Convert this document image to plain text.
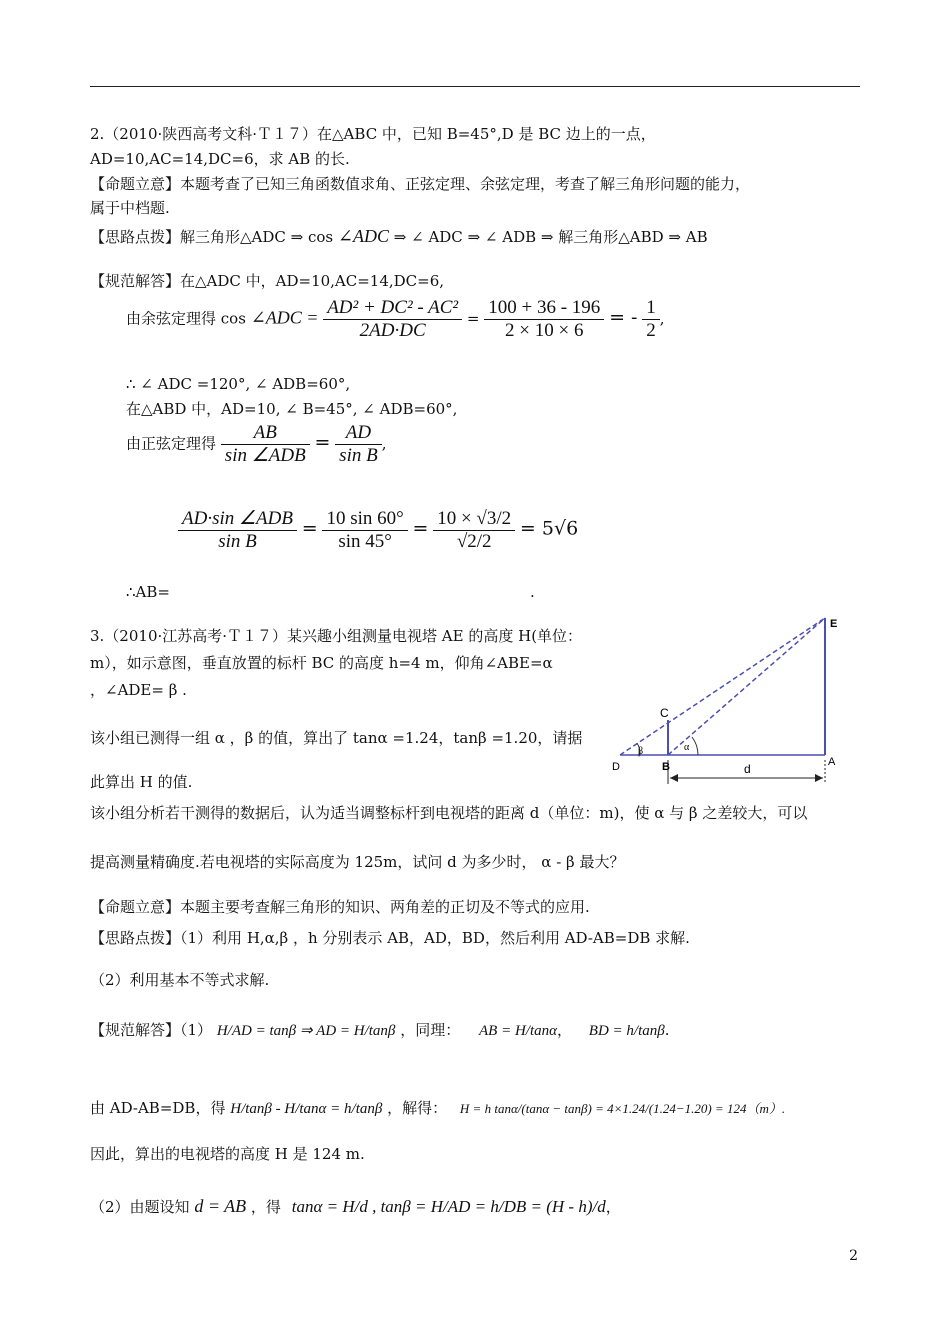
2.（2010·陕西高考文科·Ｔ１７）在△ABC 中，已知 B=45°,D 是 BC 边上的一点，
AD=10,AC=14,DC=6，求 AB 的长.
【命题立意】本题考查了已知三角函数值求角、正弦定理、余弦定理，考查了解三角形问题的能力，
属于中档题.
【思路点拨】解三角形△ADC ⇒ cos ∠ADC ⇒ ∠ ADC ⇒ ∠ ADB ⇒ 解三角形△ABD ⇒ AB
【规范解答】在△ADC 中，AD=10,AC=14,DC=6,
由余弦定理得 cos ∠ADC = $\frac{\text{AD² + DC² - AC²}}{2AD\cdot DC} = \frac{100 + 36 - 196}{2 \times 10 \times 6}$ = - $\frac{1}{2}$ ,
∴ ∠ ADC =120°, ∠ ADB=60°,
在△ABD 中，AD=10, ∠ B=45°, ∠ ADB=60°,
由正弦定理得 $\frac{AB}{\text{sin ∠ADB}} = \frac{AD}{\text{sin B}}$ ,
$\frac{\text{AD·sin ∠ADB}}{\text{sin B}} = \frac{10 \sin 60^\circ}{\sin 45^\circ} = \frac{10 \times √3/2}{√2/2} = 5√6$
∴AB=	.
3.（2010·江苏高考·Ｔ１７）某兴趣小组测量电视塔 AE 的高度 H(单位：
m），如示意图，垂直放置的标杆 BC 的高度 h=4 m，仰角∠ABE=α
，∠ADE= β .
该小组已测得一组 α ，β 的值，算出了 tanα =1.24，tanβ =1.20，请据
此算出 H 的值.
该小组分析若干测得的数据后，认为适当调整标杆到电视塔的距离 d（单位：m)，使 α 与 β 之差较大，可以
提高测量精确度.若电视塔的实际高度为 125m，试问 d 为多少时， α - β 最大？
【命题立意】本题主要考查解三角形的知识、两角差的正切及不等式的应用.
【思路点拨】（1）利用 H,α,β ，h 分别表示 AB，AD，BD，然后利用 AD-AB=DB 求解.
（2）利用基本不等式求解.
【规范解答】（1） H/AD = tanβ ⇒ AD = H/tanβ ，同理： AB = H/tanα， BD = h/tanβ.
由 AD-AB=DB，得 H/tanβ - H/tanα = h/tanβ ，解得： H = h tanα/(tanα − tanβ) = 4×1.24/(1.24−1.20) = 124（m）.
因此，算出的电视塔的高度 H 是 124 m.
（2）由题设知 d = AB ，得 tanα = H/d , tanβ = H/AD = h/DB = (H - h)/d，
E
C
D	B	A
d
β	α
2
